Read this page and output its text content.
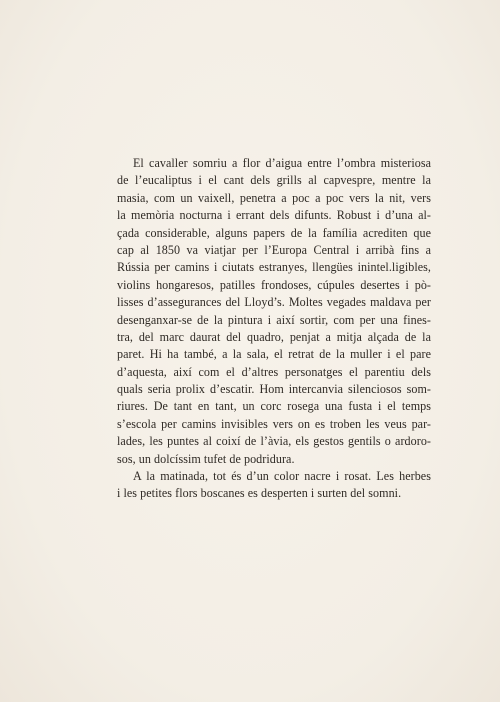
El cavaller somriu a flor d’aigua entre l’ombra misteriosa
de l’eucaliptus i el cant dels grills al capvespre, mentre la
masia, com un vaixell, penetra a poc a poc vers la nit, vers
la memòria nocturna i errant dels difunts. Robust i d’una al-
çada considerable, alguns papers de la família acrediten que
cap al 1850 va viatjar per l’Europa Central i arribà fins a
Rússia per camins i ciutats estranyes, llengües inintel.ligibles,
violins hongaresos, patilles frondoses, cúpules desertes i pò-
lisses d’assegurances del Lloyd’s. Moltes vegades maldava per
desenganxar-se de la pintura i així sortir, com per una fines-
tra, del marc daurat del quadro, penjat a mitja alçada de la
paret. Hi ha també, a la sala, el retrat de la muller i el pare
d’aquesta, així com el d’altres personatges el parentiu dels
quals seria prolix d’escatir. Hom intercanvia silenciosos som-
riures. De tant en tant, un corc rosega una fusta i el temps
s’escola per camins invisibles vers on es troben les veus par-
lades, les puntes al coixí de l’àvia, els gestos gentils o ardoro-
sos, un dolcíssim tufet de podridura.
A la matinada, tot és d’un color nacre i rosat. Les herbes
i les petites flors boscanes es desperten i surten del somni.
